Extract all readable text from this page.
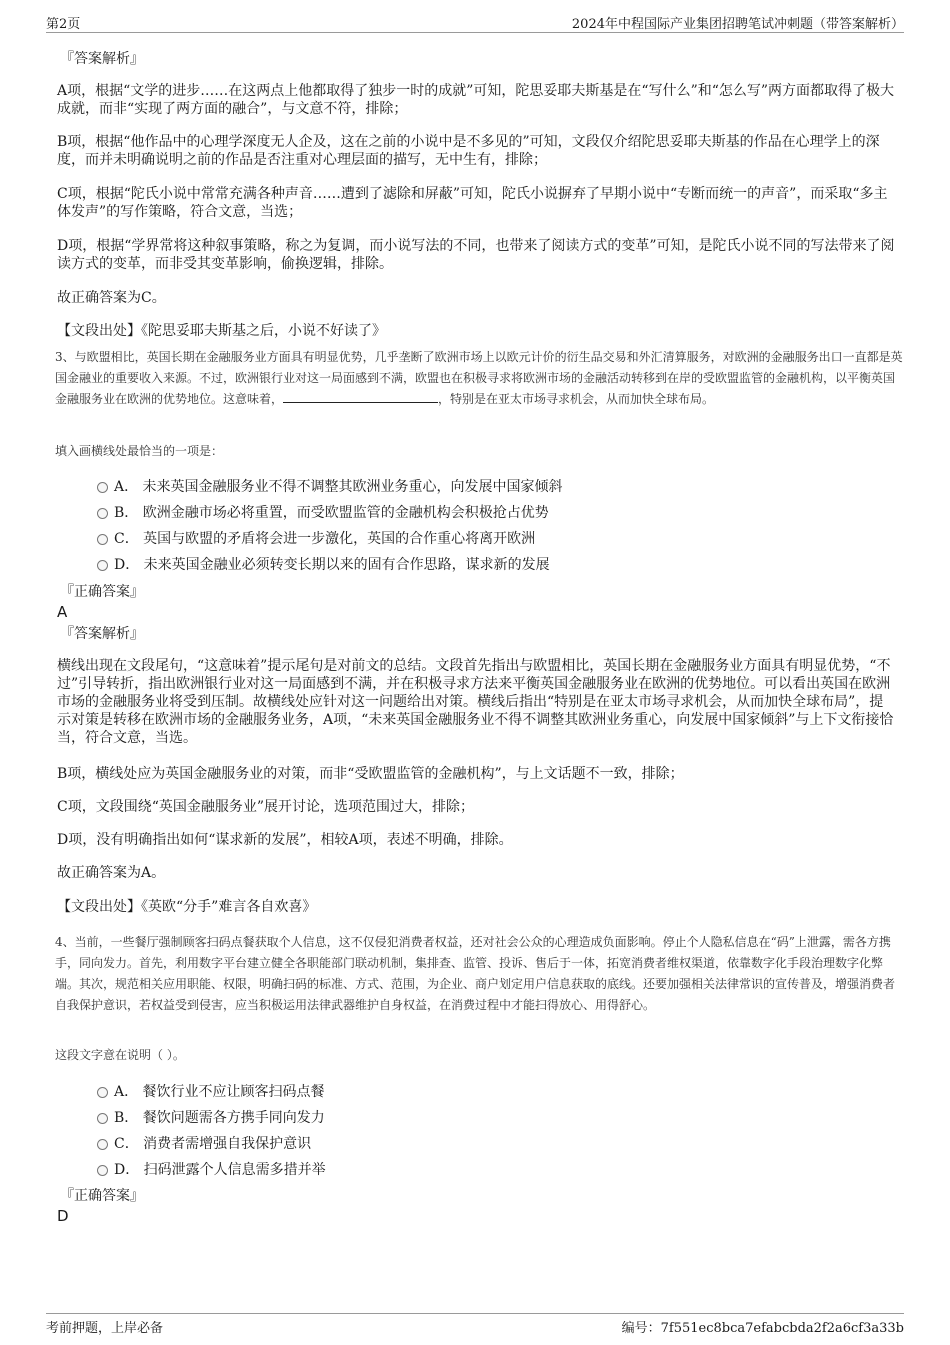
第2页	2024年中程国际产业集团招聘笔试冲刺题（带答案解析）

『答案解析』

A项，根据“文学的进步……在这两点上他都取得了独步一时的成就”可知，陀思妥耶夫斯基是在“写什么”和“怎么写”两方面都取得了极大成就，而非“实现了两方面的融合”，与文意不符，排除；

B项，根据“他作品中的心理学深度无人企及，这在之前的小说中是不多见的”可知，文段仅介绍陀思妥耶夫斯基的作品在心理学上的深度，而并未明确说明之前的作品是否注重对心理层面的描写，无中生有，排除；

C项，根据“陀氏小说中常常充满各种声音……遭到了滤除和屏蔽”可知，陀氏小说摒弃了早期小说中“专断而统一的声音”，而采取“多主体发声”的写作策略，符合文意，当选；

D项，根据“学界常将这种叙事策略，称之为复调，而小说写法的不同，也带来了阅读方式的变革”可知，是陀氏小说不同的写法带来了阅读方式的变革，而非受其变革影响，偷换逻辑，排除。

故正确答案为C。

【文段出处】《陀思妥耶夫斯基之后，小说不好读了》

3、与欧盟相比，英国长期在金融服务业方面具有明显优势，几乎垄断了欧洲市场上以欧元计价的衍生品交易和外汇清算服务，对欧洲的金融服务出口一直都是英国金融业的重要收入来源。不过，欧洲银行业对这一局面感到不满，欧盟也在积极寻求将欧洲市场的金融活动转移到在岸的受欧盟监管的金融机构，以平衡英国金融服务业在欧洲的优势地位。这意味着，	，特别是在亚太市场寻求机会，从而加快全球布局。

填入画横线处最恰当的一项是：

A． 未来英国金融服务业不得不调整其欧洲业务重心，向发展中国家倾斜
B． 欧洲金融市场必将重置，而受欧盟监管的金融机构会积极抢占优势
C． 英国与欧盟的矛盾将会进一步激化，英国的合作重心将离开欧洲
D． 未来英国金融业必须转变长期以来的固有合作思路，谋求新的发展

『正确答案』

A

『答案解析』

横线出现在文段尾句，“这意味着”提示尾句是对前文的总结。文段首先指出与欧盟相比，英国长期在金融服务业方面具有明显优势，“不过”引导转折，指出欧洲银行业对这一局面感到不满，并在积极寻求方法来平衡英国金融服务业在欧洲的优势地位。可以看出英国在欧洲市场的金融服务业将受到压制。故横线处应针对这一问题给出对策。横线后指出“特别是在亚太市场寻求机会，从而加快全球布局”，提示对策是转移在欧洲市场的金融服务业务，A项，“未来英国金融服务业不得不调整其欧洲业务重心，向发展中国家倾斜”与上下文衔接恰当，符合文意，当选。

B项，横线处应为英国金融服务业的对策，而非“受欧盟监管的金融机构”，与上文话题不一致，排除；

C项，文段围绕“英国金融服务业”展开讨论，选项范围过大，排除；

D项，没有明确指出如何“谋求新的发展”，相较A项，表述不明确，排除。

故正确答案为A。

【文段出处】《英欧“分手”难言各自欢喜》

4、当前，一些餐厅强制顾客扫码点餐获取个人信息，这不仅侵犯消费者权益，还对社会公众的心理造成负面影响。停止个人隐私信息在“码”上泄露，需各方携手，同向发力。首先，利用数字平台建立健全各职能部门联动机制，集排查、监管、投诉、售后于一体，拓宽消费者维权渠道，依靠数字化手段治理数字化弊端。其次，规范相关应用职能、权限，明确扫码的标准、方式、范围，为企业、商户划定用户信息获取的底线。还要加强相关法律常识的宣传普及，增强消费者自我保护意识，若权益受到侵害，应当积极运用法律武器维护自身权益，在消费过程中才能扫得放心、用得舒心。

这段文字意在说明（ ）。

A． 餐饮行业不应让顾客扫码点餐
B． 餐饮问题需各方携手同向发力
C． 消费者需增强自我保护意识
D． 扫码泄露个人信息需多措并举

『正确答案』

D
考前押题，上岸必备	编号：7f551ec8bca7efabcbda2f2a6cf3a33b
